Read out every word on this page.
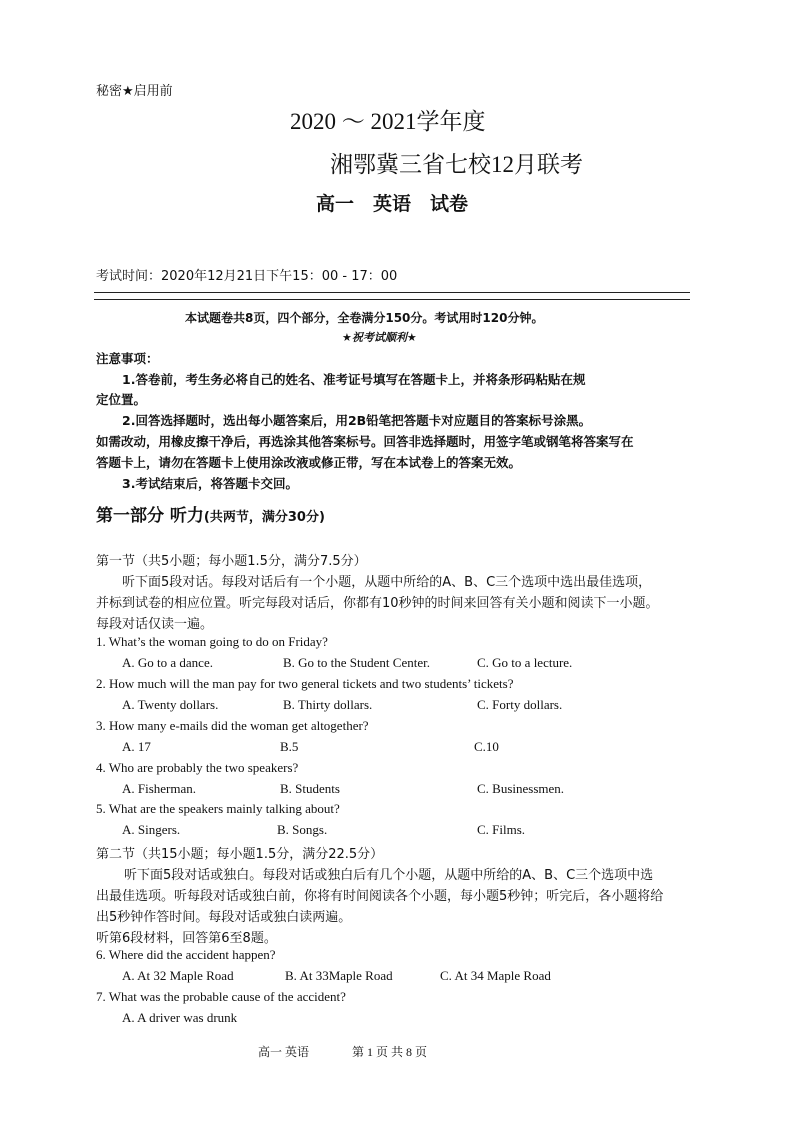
秘密★启用前
2020 ～ 2021学年度
湘鄂冀三省七校12月联考
高一　英语　试卷
考试时间：2020年12月21日下午15：00 - 17：00
本试题卷共8页，四个部分，全卷满分150分。考试用时120分钟。
★祝考试顺利★
注意事项：
1.答卷前，考生务必将自己的姓名、准考证号填写在答题卡上，并将条形码粘贴在规
定位置。
2.回答选择题时，选出每小题答案后，用2B铅笔把答题卡对应题目的答案标号涂黑。
如需改动，用橡皮擦干净后，再选涂其他答案标号。回答非选择题时，用签字笔或钢笔将答案写在
答题卡上，请勿在答题卡上使用涂改液或修正带，写在本试卷上的答案无效。
3.考试结束后，将答题卡交回。
第一部分 听力(共两节，满分30分)
第一节（共5小题；每小题1.5分，满分7.5分）
听下面5段对话。每段对话后有一个小题，从题中所给的A、B、C三个选项中选出最佳选项，
并标到试卷的相应位置。听完每段对话后，你都有10秒钟的时间来回答有关小题和阅读下一小题。
每段对话仅读一遍。
1. What’s the woman going to do on Friday?
A. Go to a dance.	B. Go to the Student Center.	C. Go to a lecture.
2. How much will the man pay for two general tickets and two students’ tickets?
A. Twenty dollars.	B. Thirty dollars.	C. Forty dollars.
3. How many e-mails did the woman get altogether?
A. 17	B.5	C.10
4. Who are probably the two speakers?
A. Fisherman.	B. Students	C. Businessmen.
5. What are the speakers mainly talking about?
A. Singers.	B. Songs.	C. Films.
第二节（共15小题；每小题1.5分，满分22.5分）
听下面5段对话或独白。每段对话或独白后有几个小题，从题中所给的A、B、C三个选项中选
出最佳选项。听每段对话或独白前，你将有时间阅读各个小题，每小题5秒钟；听完后，各小题将给
出5秒钟作答时间。每段对话或独白读两遍。
听第6段材料，回答第6至8题。
6. Where did the accident happen?
A. At 32 Maple Road	B. At 33Maple Road	C. At 34 Maple Road
7. What was the probable cause of the accident?
A. A driver was drunk
高一 英语	第 1 页 共 8 页
